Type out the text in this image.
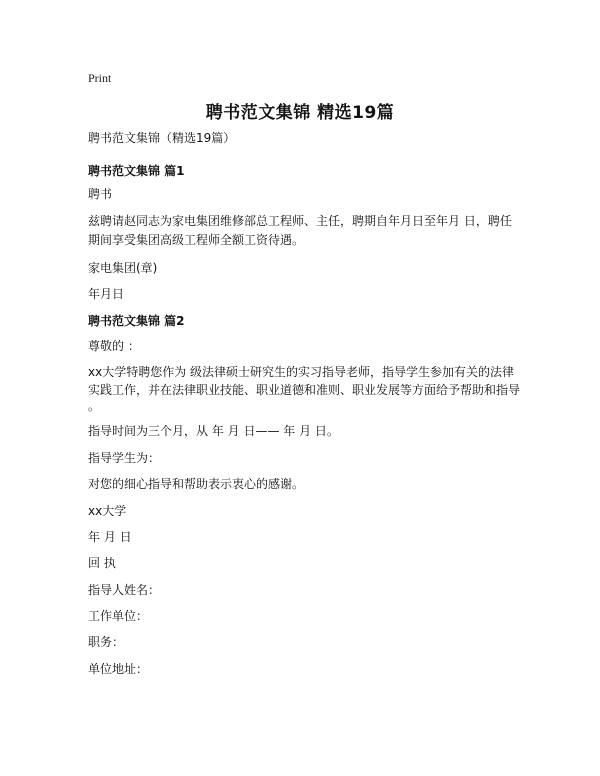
Print
聘书范文集锦 精选19篇
聘书范文集锦（精选19篇）
聘书范文集锦 篇1
聘书
兹聘请赵同志为家电集团维修部总工程师、主任，聘期自年月日至年月 日，聘任
期间享受集团高级工程师全额工资待遇。
家电集团(章)
年月日
聘书范文集锦 篇2
尊敬的 ：
xx大学特聘您作为 级法律硕士研究生的实习指导老师，指导学生参加有关的法律
实践工作，并在法律职业技能、职业道德和准则、职业发展等方面给予帮助和指导
。
指导时间为三个月，从 年 月 日—— 年 月 日。
指导学生为：
对您的细心指导和帮助表示衷心的感谢。
xx大学
年 月 日
回 执
指导人姓名：
工作单位：
职务：
单位地址：
